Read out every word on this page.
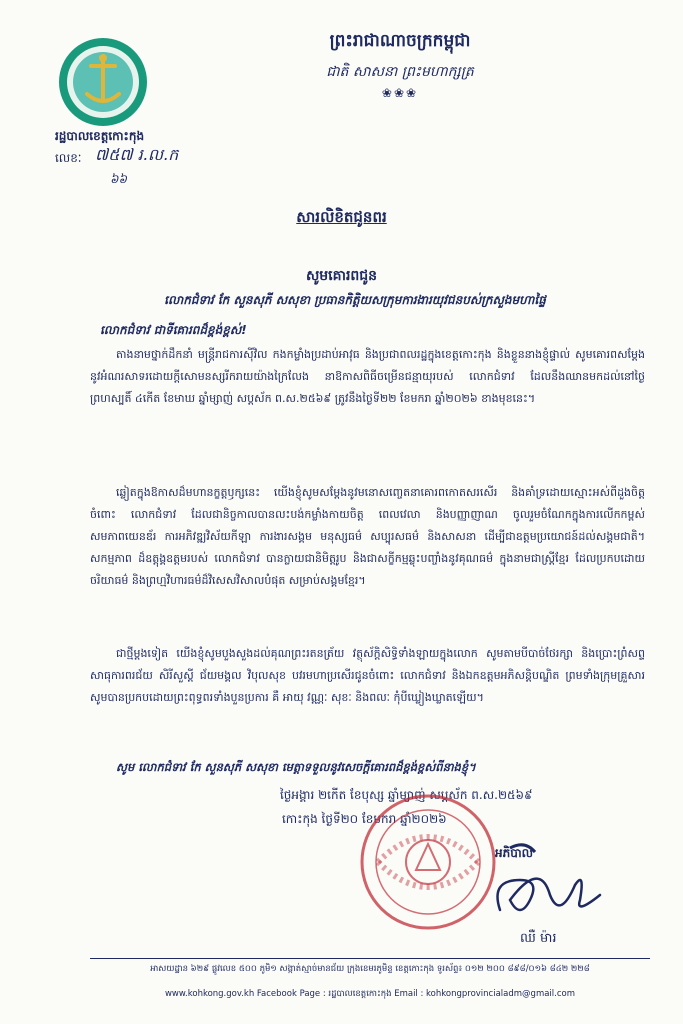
ព្រះរាជាណាចក្រកម្ពុជា
ជាតិ សាសនា ព្រះមហាក្សត្រ
❀❀❀
រដ្ឋបាលខេត្តកោះកុង
លេខៈ ៧៥៧ រ.ល.ក
៦៦
សារលិខិតជូនពរ
សូមគោរពជូន
លោកជំទាវ កែ សួនសុភី សសុខា ប្រធានកិត្តិយសក្រុមការងារយុវជនបស់ក្រសួងមហាផ្ទៃ
លោកជំទាវ ជាទីគោរពដ៏ខ្ពង់ខ្ពស់!
តាងនាមថ្នាក់ដឹកនាំ មន្ត្រីរាជការស៊ីវិល កងកម្លាំងប្រដាប់អាវុធ និងប្រជាពលរដ្ឋក្នុងខេត្តកោះកុង និងខ្លួននាងខ្ញុំផ្ទាល់ សូមគោរពសម្តែងនូវអំណរសាទរដោយក្តីសោមនស្សរីករាយយ៉ាងក្រៃលែង នាឱកាសពិធីចម្រើនជន្មាយុរបស់ លោកជំទាវ ដែលនឹងឈានមកដល់នៅថ្ងៃព្រហស្បតិ៍ ៤កើត ខែមាឃ ឆ្នាំម្សាញ់ សប្តស័ក ព.ស.២៥៦៩ ត្រូវនឹងថ្ងៃទី២២ ខែមករា ឆ្នាំ២០២៦ ខាងមុខនេះ។
ឆ្លៀតក្នុងឱកាសដ៏មហានក្ខត្តឫក្សនេះ យើងខ្ញុំសូមសម្តែងនូវមនោសញ្ចេតនាគោរពកោតសរសើរ និងគាំទ្រដោយស្មោះអស់ពីដួងចិត្តចំពោះ លោកជំទាវ ដែលជានិច្ចកាលបានលះបង់កម្លាំងកាយចិត្ត ពេលវេលា និងបញ្ញាញាណ ចូលរួមចំណែកក្នុងការលើកកម្ពស់សមភាពយេនឌ័រ ការអភិវឌ្ឍវិស័យកីឡា ការងារសង្គម មនុស្សធម៌ សប្បុរសធម៌ និងសាសនា ដើម្បីជាឧត្តមប្រយោជន៍ដល់សង្គមជាតិ។ សកម្មភាព ដ៏ឧត្តុង្គឧត្តមរបស់ លោកជំទាវ បានក្លាយជានិមិត្តរូប និងជាសក្ខីកម្មឆ្លុះបញ្ចាំងនូវគុណធម៌ ក្នុងនាមជាស្ត្រីខ្មែរ ដែលប្រកបដោយចរិយាធម៌ និងព្រហ្មវិហារធម៌ដ៏វិសេសវិសាលបំផុត សម្រាប់សង្គមខ្មែរ។
ជាថ្មីម្តងទៀត យើងខ្ញុំសូមបួងសួងដល់គុណព្រះរតនត្រ័យ វត្ថុស័ក្តិសិទ្ធិទាំងឡាយក្នុងលោក សូមតាមបីបាច់ថែរក្សា និងប្រោះព្រំសព្ទសាធុការពរជ័យ សិរីសួស្តី ជ័យមង្គល វិបុលសុខ បវរមហាប្រសើរជូនចំពោះ លោកជំទាវ និងឯកឧត្តមអភិសន្តិបណ្ឌិត ព្រមទាំងក្រុមគ្រួសារ សូមបានប្រកបដោយព្រះពុទ្ធពរទាំងបួនប្រការ គឺ អាយុ វណ្ណៈ សុខៈ និងពលៈ កុំបីឃ្លៀងឃ្លាតឡើយ។
សូម លោកជំទាវ កែ សួនសុភី សសុខា មេត្តាទទួលនូវសេចក្តីគោរពដ៏ខ្ពង់ខ្ពស់ពីនាងខ្ញុំ។
ថ្ងៃអង្គារ ២កើត ខែបុស្ស ឆ្នាំម្សាញ់ សប្តស័ក ព.ស.២៥៦៩
កោះកុង ថ្ងៃទី២០ ខែមករា ឆ្នាំ២០២៦
អភិបាល
ឈឺ ម៉ារ
អាសយដ្ឋាន ៦២៩ ផ្លូវលេខ ៥០០ ភូមិ១ សង្កាត់ស្មាច់មានជ័យ ក្រុងខេមរភូមិន្ទ ខេត្តកោះកុង ទូរស័ព្ទ៖ ០១២ ២០០ ៨៩៨/០១៦ ៨៤២ ២២៨
www.kohkong.gov.kh Facebook Page : រដ្ឋបាលខេត្តកោះកុង Email : kohkongprovincialadm@gmail.com
